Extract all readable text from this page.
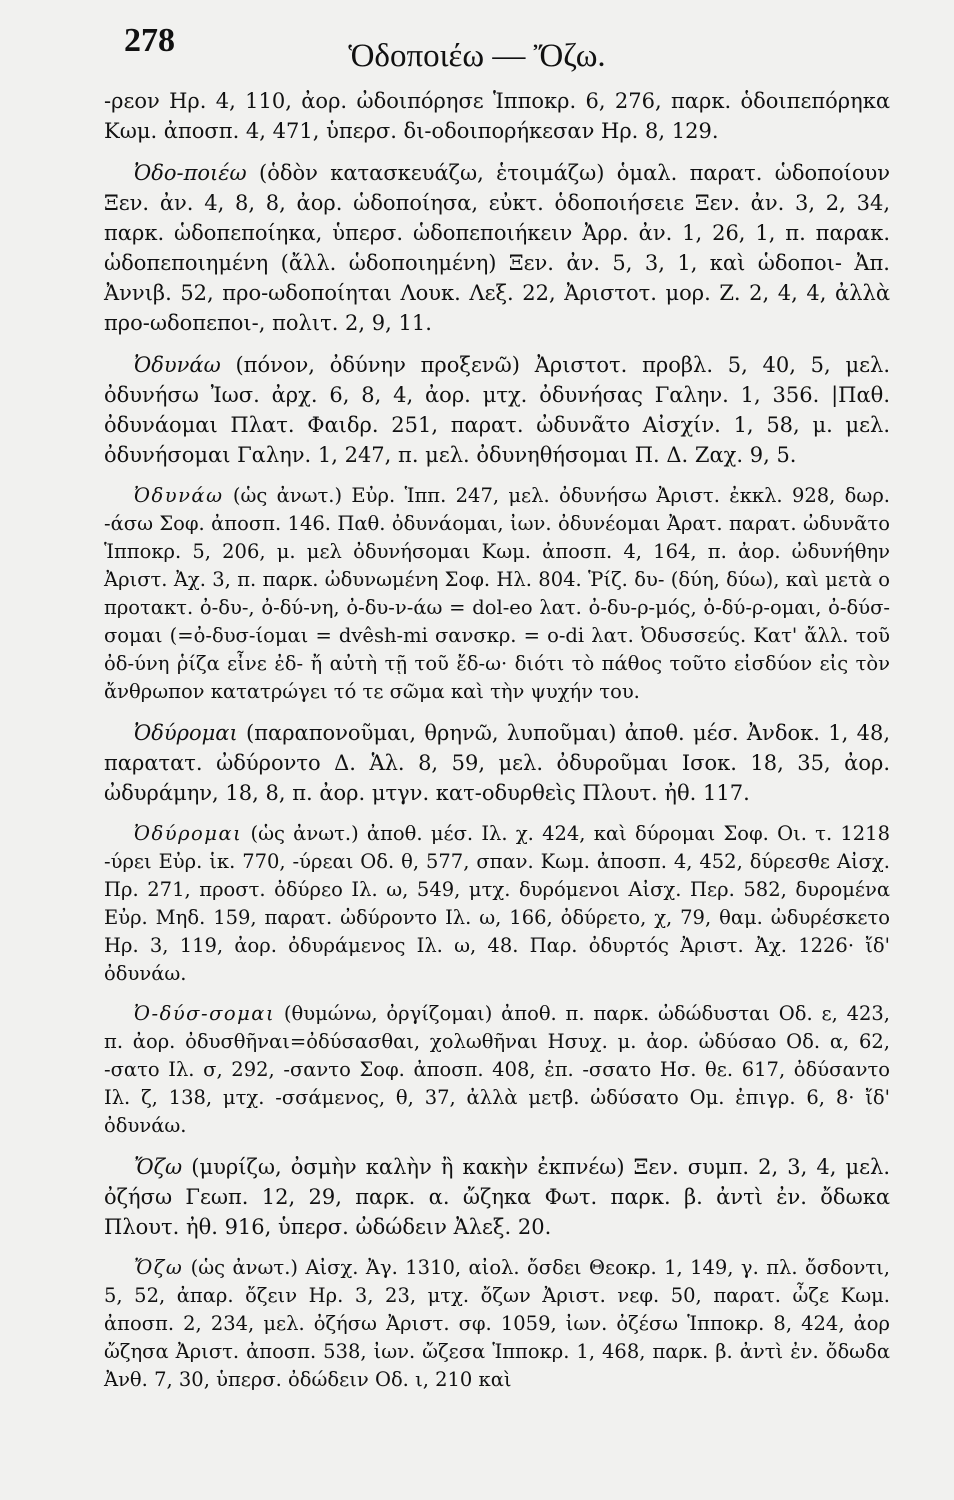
278	Ὁδοποιέω — Ὄζω.

-ρεον Ηρ. 4, 110, ἀορ. ὠδοιπόρησε Ἱπποκρ. 6, 276, παρκ. ὁδοιπεπόρηκα Κωμ. ἀποσπ. 4, 471, ὑπερσ. δι-οδοιπορήκεσαν Ηρ. 8, 129.

Ὀδο-ποιέω (ὁδὸν κατασκευάζω, ἑτοιμάζω) ὁμαλ. παρατ. ὡδοποίουν Ξεν. ἀν. 4, 8, 8, ἀορ. ὡδοποίησα, εὐκτ. ὁδοποιήσειε Ξεν. ἀν. 3, 2, 34, παρκ. ὡδοπεποίηκα, ὑπερσ. ὡδοπεποιήκειν Ἀρρ. ἀν. 1, 26, 1, π. παρακ. ὡδοπεποιημένη (ἄλλ. ὡδοποιημένη) Ξεν. ἀν. 5, 3, 1, καὶ ὡδοποι- Ἀπ. Ἀννιβ. 52, προ-ωδοποίηται Λουκ. Λεξ. 22, Ἀριστοτ. μορ. Ζ. 2, 4, 4, ἀλλὰ προ-ωδοπεποι-, πολιτ. 2, 9, 11.

Ὀδυνάω (πόνον, ὀδύνην προξενῶ) Ἀριστοτ. προβλ. 5, 40, 5, μελ. ὀδυνήσω Ἰωσ. ἀρχ. 6, 8, 4, ἀορ. μτχ. ὀδυνήσας Γαλην. 1, 356. |Παθ. ὀδυνάομαι Πλατ. Φαιδρ. 251, παρατ. ὠδυνᾶτο Αἰσχίν. 1, 58, μ. μελ. ὀδυνήσομαι Γαλην. 1, 247, π. μελ. ὀδυνηθήσομαι Π. Δ. Ζαχ. 9, 5.

Ὀδυνάω (ὡς ἀνωτ.) Εὐρ. Ἱππ. 247, μελ. ὀδυνήσω Ἀριστ. ἐκκλ. 928, δωρ. -άσω Σοφ. ἀποσπ. 146. Παθ. ὀδυνάομαι, ἰων. ὀδυνέομαι Ἀρατ. παρατ. ὠδυνᾶτο Ἱπποκρ. 5, 206, μ. μελ ὀδυνήσομαι Κωμ. ἀποσπ. 4, 164, π. ἀορ. ὠδυνήθην Ἀριστ. Ἀχ. 3, π. παρκ. ὠδυνωμένη Σοφ. Ηλ. 804. Ῥίζ. δυ- (δύη, δύω), καὶ μετὰ ο προτακτ. ὀ-δυ-, ὀ-δύ-νη, ὀ-δυ-ν-άω = dol-eo λατ. ὀ-δυ-ρ-μός, ὀ-δύ-ρ-ομαι, ὀ-δύσ-σομαι (=ὀ-δυσ-ίομαι = dvêsh-mi σανσκρ. = o-di λατ. Ὀδυσσεύς. Κατ' ἄλλ. τοῦ ὀδ-ύνη ῥίζα εἶνε ἐδ- ἤ αὐτὴ τῇ τοῦ ἔδ-ω· διότι τὸ πάθος τοῦτο εἰσδύον εἰς τὸν ἄνθρωπον κατατρώγει τό τε σῶμα καὶ τὴν ψυχήν του.

Ὀδύρομαι (παραπονοῦμαι, θρηνῶ, λυποῦμαι) ἀποθ. μέσ. Ἀνδοκ. 1, 48, παρατατ. ὠδύροντο Δ. Ἁλ. 8, 59, μελ. ὀδυροῦμαι Ισοκ. 18, 35, ἀορ. ὠδυράμην, 18, 8, π. ἀορ. μτγν. κατ-οδυρθεὶς Πλουτ. ἠθ. 117.

Ὀδύρομαι (ὡς ἀνωτ.) ἀποθ. μέσ. Ιλ. χ. 424, καὶ δύρομαι Σοφ. Οι. τ. 1218 -ύρει Εὐρ. ἱκ. 770, -ύρεαι Οδ. θ, 577, σπαν. Κωμ. ἀποσπ. 4, 452, δύρεσθε Αἰσχ. Πρ. 271, προστ. ὀδύρεο Ιλ. ω, 549, μτχ. δυρόμενοι Αἰσχ. Περ. 582, δυρομένα Εὐρ. Μηδ. 159, παρατ. ὠδύροντο Ιλ. ω, 166, ὀδύρετο, χ, 79, θαμ. ὠδυρέσκετο Ηρ. 3, 119, ἀορ. ὀδυράμενος Ιλ. ω, 48. Παρ. ὀδυρτός Ἀριστ. Ἀχ. 1226· ἴδ' ὀδυνάω.

Ὀ-δύσ-σομαι (θυμώνω, ὀργίζομαι) ἀποθ. π. παρκ. ὠδώδυσται Οδ. ε, 423, π. ἀορ. ὀδυσθῆναι=ὀδύσασθαι, χολωθῆναι Ησυχ. μ. ἀορ. ὠδύσαο Οδ. α, 62, -σατο Ιλ. σ, 292, -σαντο Σοφ. ἀποσπ. 408, ἐπ. -σσατο Ησ. θε. 617, ὀδύσαντο Ιλ. ζ, 138, μτχ. -σσάμενος, θ, 37, ἀλλὰ μετβ. ὠδύσατο Ομ. ἐπιγρ. 6, 8· ἴδ' ὀδυνάω.

Ὄζω (μυρίζω, ὀσμὴν καλὴν ἢ κακὴν ἐκπνέω) Ξεν. συμπ. 2, 3, 4, μελ. ὀζήσω Γεωπ. 12, 29, παρκ. α. ὤζηκα Φωτ. παρκ. β. ἀντὶ ἐν. ὄδωκα Πλουτ. ἠθ. 916, ὑπερσ. ὠδώδειν Ἀλεξ. 20.

Ὄζω (ὡς ἀνωτ.) Αἰσχ. Ἀγ. 1310, αἰολ. ὄσδει Θεοκρ. 1, 149, γ. πλ. ὄσδοντι, 5, 52, ἀπαρ. ὄζειν Ηρ. 3, 23, μτχ. ὄζων Ἀριστ. νεφ. 50, παρατ. ὦζε Κωμ. ἀποσπ. 2, 234, μελ. ὀζήσω Ἀριστ. σφ. 1059, ἰων. ὀζέσω Ἱπποκρ. 8, 424, ἀορ ὤζησα Ἀριστ. ἀποσπ. 538, ἰων. ὤζεσα Ἱπποκρ. 1, 468, παρκ. β. ἀντὶ ἐν. ὄδωδα Ἀνθ. 7, 30, ὑπερσ. ὀδώδειν Οδ. ι, 210 καὶ
